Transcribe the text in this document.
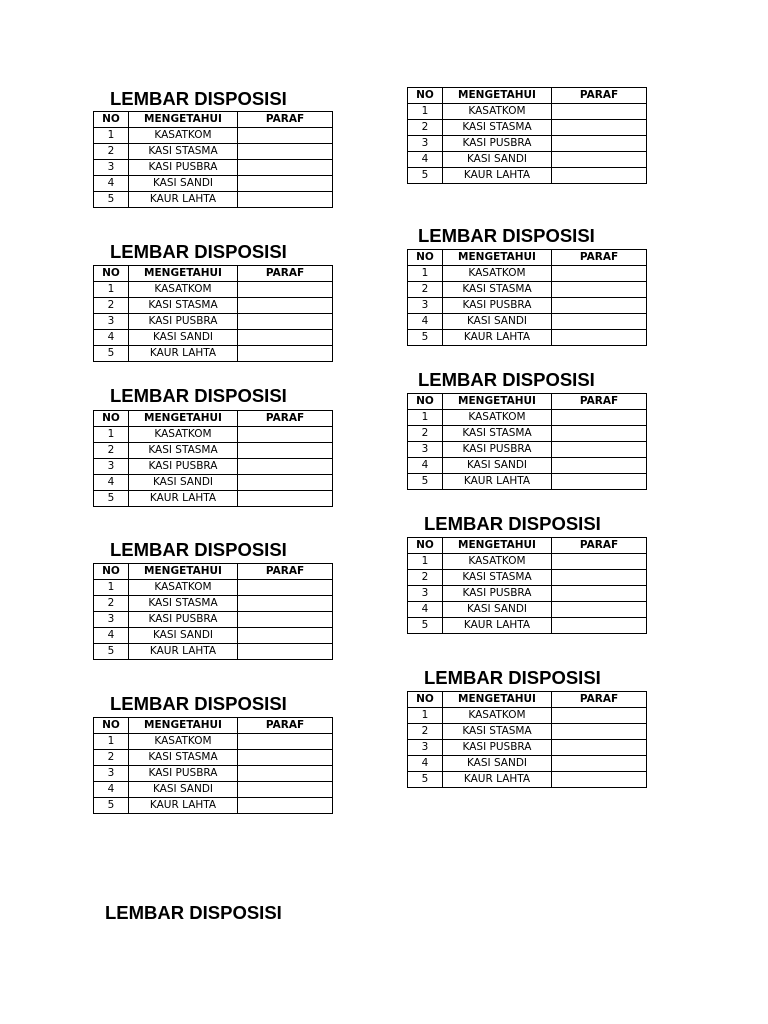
LEMBAR DISPOSISI
NO	MENGETAHUI	PARAF
1	KASATKOM	
2	KASI STASMA	
3	KASI PUSBRA	
4	KASI SANDI	
5	KAUR LAHTA	
LEMBAR DISPOSISI
NO	MENGETAHUI	PARAF
1	KASATKOM	
2	KASI STASMA	
3	KASI PUSBRA	
4	KASI SANDI	
5	KAUR LAHTA	
LEMBAR DISPOSISI
NO	MENGETAHUI	PARAF
1	KASATKOM	
2	KASI STASMA	
3	KASI PUSBRA	
4	KASI SANDI	
5	KAUR LAHTA	
LEMBAR DISPOSISI
NO	MENGETAHUI	PARAF
1	KASATKOM	
2	KASI STASMA	
3	KASI PUSBRA	
4	KASI SANDI	
5	KAUR LAHTA	
LEMBAR DISPOSISI
NO	MENGETAHUI	PARAF
1	KASATKOM	
2	KASI STASMA	
3	KASI PUSBRA	
4	KASI SANDI	
5	KAUR LAHTA	
LEMBAR DISPOSISI
NO	MENGETAHUI	PARAF
1	KASATKOM	
2	KASI STASMA	
3	KASI PUSBRA	
4	KASI SANDI	
5	KAUR LAHTA	
LEMBAR DISPOSISI
NO	MENGETAHUI	PARAF
1	KASATKOM	
2	KASI STASMA	
3	KASI PUSBRA	
4	KASI SANDI	
5	KAUR LAHTA	
LEMBAR DISPOSISI
NO	MENGETAHUI	PARAF
1	KASATKOM	
2	KASI STASMA	
3	KASI PUSBRA	
4	KASI SANDI	
5	KAUR LAHTA	
LEMBAR DISPOSISI
NO	MENGETAHUI	PARAF
1	KASATKOM	
2	KASI STASMA	
3	KASI PUSBRA	
4	KASI SANDI	
5	KAUR LAHTA	
LEMBAR DISPOSISI
NO	MENGETAHUI	PARAF
1	KASATKOM	
2	KASI STASMA	
3	KASI PUSBRA	
4	KASI SANDI	
5	KAUR LAHTA	
